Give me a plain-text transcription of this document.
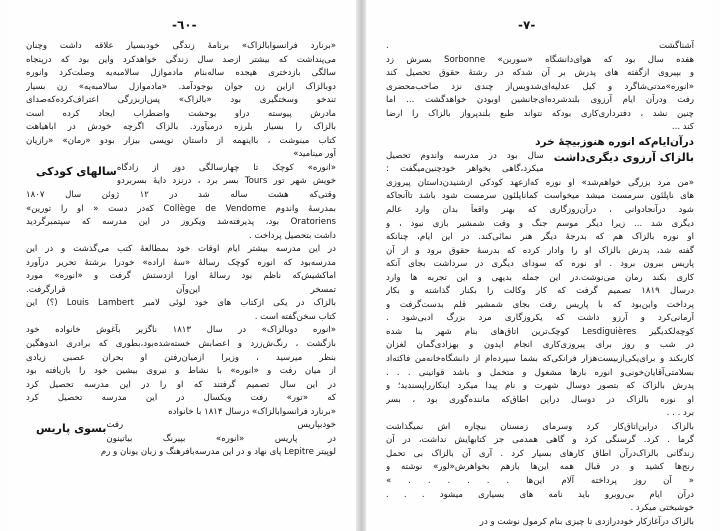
-٦٠-
«برنارد فرانسوابالزاک» برنامهٔ زندگی خودبسیار علاقه داشت وچنان
می‌پنداشت که بیشتر ازصد سال زندگی خواهدکرد واین بود که درپنجاه
سالگی بازدختری هیجده ساله‌بنام مادموازل سالامبه‌یه وصلت‌کرد وانوره
دوبالزاک ازاین زن جوان بوجودآمد. «مادموازل سالامبه‌یه» زن بسیار
تندخو وسختگیری بود «بالزاک» پس‌ازبزرگی اعتراف‌کرده‌که‌صدای
مادرش پیوسته دراو بوحشت و‌اضطراب ایجاد کرده است
بالزاک را بسیار بلرزه درمیآورد. بالزاک اگرچه خودش در اباهیاهت
کتاب مینوشت ، بااینهمه از داستان نویسی بیزار بودو «رمان» «رازیان
آور مینامید»
سالهای کودکی «انوره» کوچک تا چهارسالگی دور از زادگاه
خویش شهر تور Tours بسر برد ، درنزد دایهٔ بسربردو
وقتی‌که هشت ساله شد در ۱۲ ژوئن سال ۱۸۰۷
بمدرسهٔ واندوم Collège de Vendome که‌در دست « او را تورین»
Oratoriens بود، پذیرفته‌شد ویکروز در این مدرسه که سپتمبرگردید
داشت بتحصیل پرداخت .
در این مدرسه بیشتر ایام اوقات خود بمطالعه‌ٔ کتب می‌گذشت و در این
مدرسه‌بود که‌ انوره کوچک رسالهٔ «سهٔ اراده» خودرا برشتهٔ تحریر درآورد
اماکشیش‌که ناظم بود رسالهٔ اورا ازدستش گرفت و «انوره» مورد
تمسخر این‌وآن قرارگرفت.
بالزاک در یکی از‌کتاب های خود لوئی لامبر Louis Lambert (؟) این
کتاب سخن‌گفته است .
«انوره دوبالزاک» در سال ۱۸۱۳ ناگزیر بآغوش خانواده خود
بازگشت ، رنگ‌ش‌زرد و اعصابش خسته‌شده‌بود،بطوری که برادری اندوهگین
بنظر میرسید ، وزیرا ازمیان‌رفتن او بحران عصبی زیادی
از میان رفت و «انوره» با نشاط و نیروی بیشین خود را بازیافته بود
در این سال تصمیم گرفتند که او را در این مدرسه تحصیل کرد
که «تور» رفت و‌یکسال در این مدرسه تحصیل کرد
«برنارد فرانسوابالزاک» درسال ۱۸۱۴ با خانواده
بسوی پاریس خودبپاریس رفت
در پاریس «انوره» بپیرنگ بیاتینون
لوپیتر Lepitre پای نهاد و در این مدرسه‌بافرهنگ و زبان یونان و رم
-٧-
آشناگشت .
هفده سال بود که هوای‌دانشگاه «سوربن» Sorbonne بسرش زد
و بپیروی از‌گفته های پدرش بر آن شدکه در رشتهٔ حقوق تحصیل کند
«انوره»مدتی‌شاگرد و کیل عدلیه‌ای‌شدوبس‌از چندی نزد صاحب‌محضری
رفت ودرآن ایام آرزوی بلندشرده‌ای‌جانشین او‌بودن خواهدگشت ... اما
چنین نشد ، دفترداری‌کاری بود‌که نتواند طبع بلندپرواز بالزاک را ارضا
کند ...
درآن‌ایام‌که انوره هنوزبیچهٔ خرد
بالزاک آرزوی دیگری‌داشت
سال بود در مدرسه واندوم تحصیل
میکرد،گاهی بخواهر خودچنین‌میگفت :
«من مرد بزرگی خواهم‌شد» او نوره که‌ازعهد کودکی ازشنیدن‌داستان پیروزی
های ناپلئون سرمست میشد میخواست کماناپلئون سرمست شود باشد تاآنجاکه
شود درآنجادوانی ، درآن‌روزگاری که بهنر واقعاً بدان وارد عالم
دیگری شد ... زیرا دیگر موسم جنگ و وقت شمشیر بازی نبود ، و
او نوره بالزاک هم که بدرجهٔ دیگر هنر نمائی‌کند. در این ایام، چنانکه
گفته شد، پدرش بالزاک او را وادار کرده که بدرسهٔ حقوق برود و از آن
پاریس ببرون برود . او نوره که سودای دیگری در سرداشت بجای آنکه
کاری بکند رمان می‌نوشت.در این جمله بدیهی و این تجربه ها وارد
درسال ۱۸۱۹ تصمیم گرفت که کار وکالت را بکنار گذاشته و بکار
پرداخت واین‌بود که با پاریس رفت بجای شمشیر قلم بدست‌گرفت و
آرمانی‌کرد و آرزو داشت که یکروزگاری مرد بزرگ ادبی‌شود .
کوچه‌لکدیگیر Lesdiguières کو‌چک‌ترین اتاق‌های بنام شهر بنا شده
در شب و روز برای پیروزی‌کاری انجام ایدون و بهزادی‌گمان لغزان
کار‌بکند و برای‌یکی‌ازبیست‌هزار فرانکی‌که بشما سپرده‌ام از دانشگاه‌خانه‌من فاکته‌اد
بسلامتی‌آقایان‌خونی‌و انوره بارها مشغول و متخمل و باشد قوانینی . . .
پدرش بالزاک که بتصور دوسال شهرت و نام پیدا میکرد اینکارراپسندید؛ و
او نوره بالزاک در دوسال دراین اطاق‌که ماننده‌گوری بود ، بسر
برد . . .
بالزاک در‌این‌اتاق‌کار کرد وسرمای زمستان بیچاره اش نمیگذاشت
گرما . کرد. گرسنگی کرد و گاهی همدمی جز کتابهایش نداشت، در آن
زندگانی بالزاک‌درآن اطاق کارهای بسیار کرد . آری آن بالزاک بی‌ تحمل
رنج‌ها کشید و در قبال همه این‌ها بازهم بخواهرش«لور» نوشته و
« آن روز پرداخته آلام این‌ها . . . . . . »
درآن ایام بی‌روبرو باید نامه های بسیاری میشود . . .
خوشبختی میکرد .
بالزاک درآغازکار خوددرازدی نا چیزی بنام کرمول نوشت و در
